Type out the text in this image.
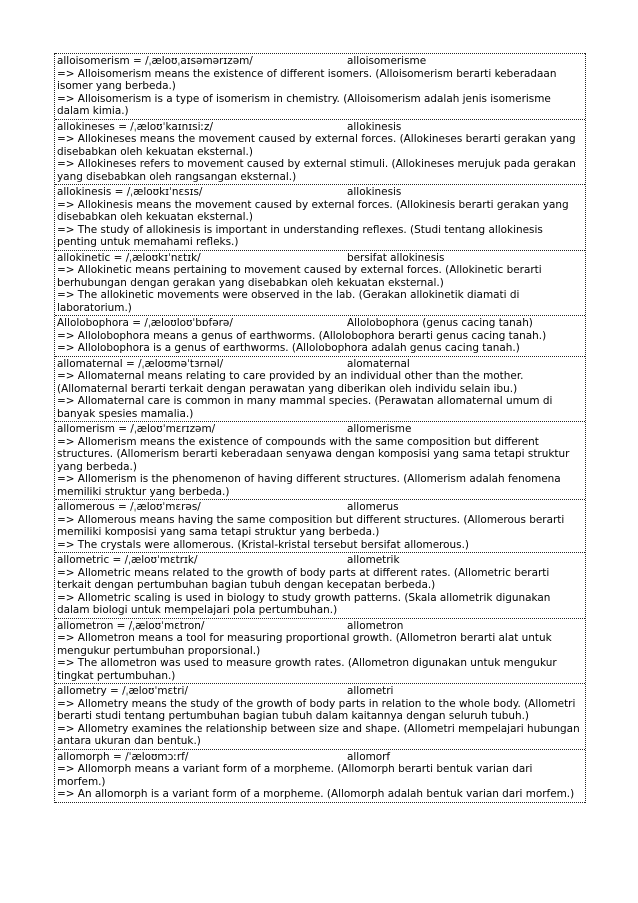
alloisomerism = /ˌæloʊˌaɪsəmərɪzəm/	alloisomerisme
=> Alloisomerism means the existence of different isomers. (Alloisomerism berarti keberadaan isomer yang berbeda.)
=> Alloisomerism is a type of isomerism in chemistry. (Alloisomerism adalah jenis isomerisme dalam kimia.)
allokineses = /ˌæloʊˈkaɪnɪsiːz/	allokinesis
=> Allokineses means the movement caused by external forces. (Allokineses berarti gerakan yang disebabkan oleh kekuatan eksternal.)
=> Allokineses refers to movement caused by external stimuli. (Allokineses merujuk pada gerakan yang disebabkan oleh rangsangan eksternal.)
allokinesis = /ˌæloʊkɪˈnɛsɪs/	allokinesis
=> Allokinesis means the movement caused by external forces. (Allokinesis berarti gerakan yang disebabkan oleh kekuatan eksternal.)
=> The study of allokinesis is important in understanding reflexes. (Studi tentang allokinesis penting untuk memahami refleks.)
allokinetic = /ˌæloʊkɪˈnɛtɪk/	bersifat allokinesis
=> Allokinetic means pertaining to movement caused by external forces. (Allokinetic berarti berhubungan dengan gerakan yang disebabkan oleh kekuatan eksternal.)
=> The allokinetic movements were observed in the lab. (Gerakan allokinetik diamati di laboratorium.)
Allolobophora = /ˌæloʊloʊˈbɒfərə/	Allolobophora (genus cacing tanah)
=> Allolobophora means a genus of earthworms. (Allolobophora berarti genus cacing tanah.)
=> Allolobophora is a genus of earthworms. (Allolobophora adalah genus cacing tanah.)
allomaternal = /ˌæloʊməˈtɜrnəl/	alomaternal
=> Allomaternal means relating to care provided by an individual other than the mother. (Allomaternal berarti terkait dengan perawatan yang diberikan oleh individu selain ibu.)
=> Allomaternal care is common in many mammal species. (Perawatan allomaternal umum di banyak spesies mamalia.)
allomerism = /ˌæloʊˈmɛrɪzəm/	allomerisme
=> Allomerism means the existence of compounds with the same composition but different structures. (Allomerism berarti keberadaan senyawa dengan komposisi yang sama tetapi struktur yang berbeda.)
=> Allomerism is the phenomenon of having different structures. (Allomerism adalah fenomena memiliki struktur yang berbeda.)
allomerous = /ˌæloʊˈmɛrəs/	allomerus
=> Allomerous means having the same composition but different structures. (Allomerous berarti memiliki komposisi yang sama tetapi struktur yang berbeda.)
=> The crystals were allomerous. (Kristal-kristal tersebut bersifat allomerous.)
allometric = /ˌæloʊˈmɛtrɪk/	allometrik
=> Allometric means related to the growth of body parts at different rates. (Allometric berarti terkait dengan pertumbuhan bagian tubuh dengan kecepatan berbeda.)
=> Allometric scaling is used in biology to study growth patterns. (Skala allometrik digunakan dalam biologi untuk mempelajari pola pertumbuhan.)
allometron = /ˌæloʊˈmɛtron/	allometron
=> Allometron means a tool for measuring proportional growth. (Allometron berarti alat untuk mengukur pertumbuhan proporsional.)
=> The allometron was used to measure growth rates. (Allometron digunakan untuk mengukur tingkat pertumbuhan.)
allometry = /ˌæloʊˈmɛtri/	allometri
=> Allometry means the study of the growth of body parts in relation to the whole body. (Allometri berarti studi tentang pertumbuhan bagian tubuh dalam kaitannya dengan seluruh tubuh.)
=> Allometry examines the relationship between size and shape. (Allometri mempelajari hubungan antara ukuran dan bentuk.)
allomorph = /ˈæloʊmɔːrf/	allomorf
=> Allomorph means a variant form of a morpheme. (Allomorph berarti bentuk varian dari morfem.)
=> An allomorph is a variant form of a morpheme. (Allomorph adalah bentuk varian dari morfem.)
